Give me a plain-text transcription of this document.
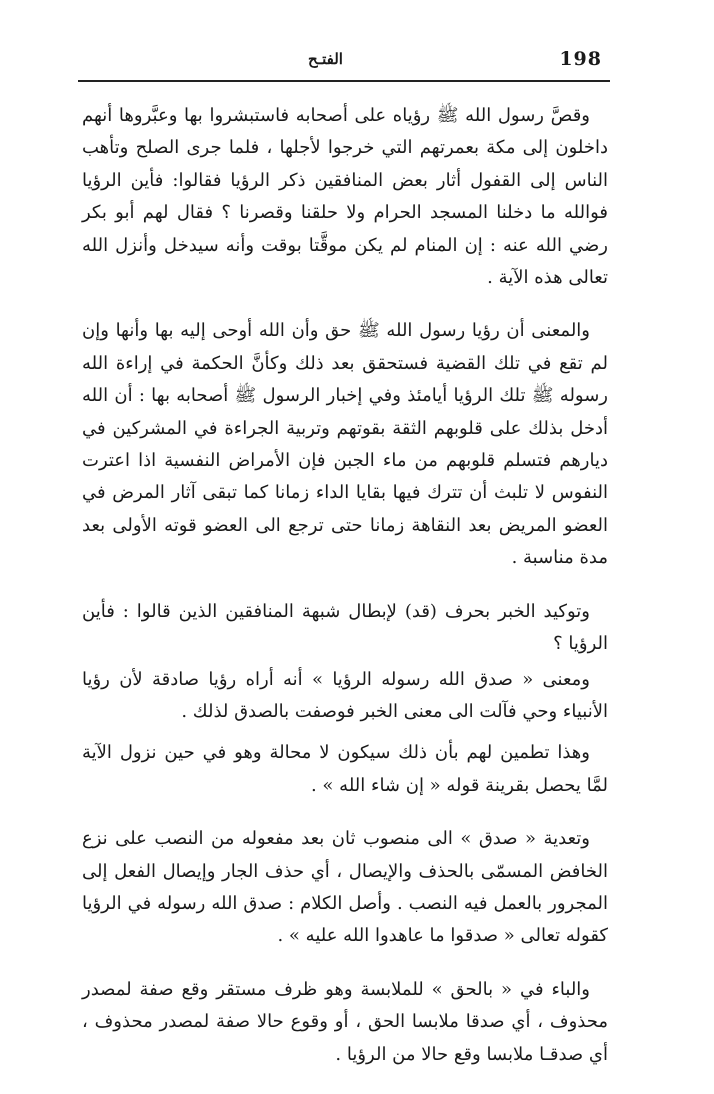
198
الفتـح

وقصَّ رسول الله ﷺ رؤياه على أصحابه فاستبشروا بها وعبَّروها أنهم داخلون إلى مكة بعمرتهم التي خرجوا لأجلها ، فلما جرى الصلح وتأهب الناس إلى القفول أثار بعض المنافقين ذكر الرؤيا فقالوا: فأين الرؤيا فوالله ما دخلنا المسجد الحرام ولا حلقنا وقصرنا ؟ فقال لهم أبو بكر رضي الله عنه : إن المنام لم يكن موقَّتا بوقت وأنه سيدخل وأنزل الله تعالى هذه الآية .

والمعنى أن رؤيا رسول الله ﷺ حق وأن الله أوحى إليه بها وأنها وإن لم تقع في تلك القضية فستحقق بعد ذلك وكأنَّ الحكمة في إراءة الله رسوله ﷺ تلك الرؤيا أيامئذ وفي إخبار الرسول ﷺ أصحابه بها : أن الله أدخل بذلك على قلوبهم الثقة بقوتهم وتربية الجراءة في المشركين في ديارهم فتسلم قلوبهم من ماء الجبن فإن الأمراض النفسية اذا اعترت النفوس لا تلبث أن تترك فيها بقايا الداء زمانا كما تبقى آثار المرض في العضو المريض بعد النقاهة زمانا حتى ترجع الى العضو قوته الأولى بعد مدة مناسبة .

وتوكيد الخبر بحرف (قد) لإبطال شبهة المنافقين الذين قالوا : فأين الرؤيا ؟

ومعنى « صدق الله رسوله الرؤيا » أنه أراه رؤيا صادقة لأن رؤيا الأنبياء وحي فآلت الى معنى الخبر فوصفت بالصدق لذلك .

وهذا تطمين لهم بأن ذلك سيكون لا محالة وهو في حين نزول الآية لمَّا يحصل بقرينة قوله « إن شاء الله » .

وتعدية « صدق » الى منصوب ثان بعد مفعوله من النصب على نزع الخافض المسمّى بالحذف والإيصال ، أي حذف الجار وإيصال الفعل إلى المجرور بالعمل فيه النصب . وأصل الكلام : صدق الله رسوله في الرؤيا كقوله تعالى « صدقوا ما عاهدوا الله عليه » .

والباء في « بالحق » للملابسة وهو ظرف مستقر وقع صفة لمصدر محذوف ، أي صدقا ملابسا الحق ، أو وقوع حالا صفة لمصدر محذوف ، أي صدقـا ملابسا وقع حالا من الرؤيا .
